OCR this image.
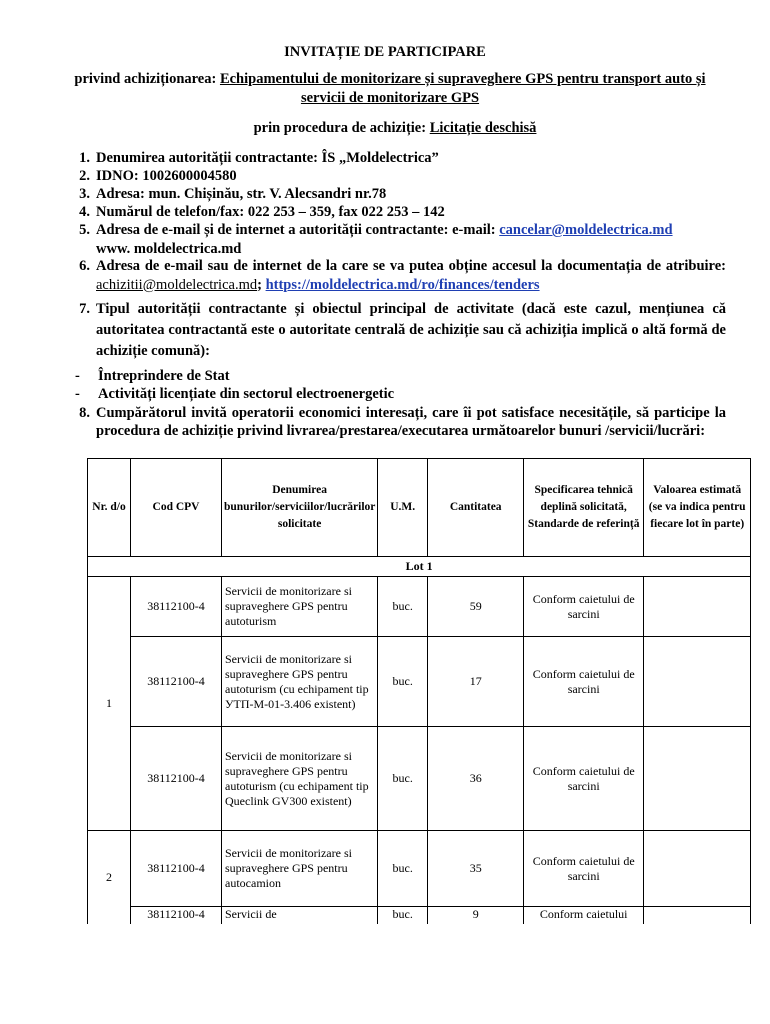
INVITAȚIE DE PARTICIPARE
privind achiziționarea: Echipamentului de monitorizare și supraveghere GPS pentru transport auto și servicii de monitorizare GPS
prin procedura de achiziție: Licitație deschisă
1. Denumirea autorității contractante: ÎS „Moldelectrica”
2. IDNO: 1002600004580
3. Adresa: mun. Chișinău, str. V. Alecsandri nr.78
4. Numărul de telefon/fax: 022 253 – 359, fax 022 253 – 142
5. Adresa de e-mail și de internet a autorității contractante: e-mail: cancelar@moldelectrica.md
www. moldelectrica.md
6. Adresa de e-mail sau de internet de la care se va putea obține accesul la documentația de atribuire: achizitii@moldelectrica.md; https://moldelectrica.md/ro/finances/tenders
7. Tipul autorității contractante și obiectul principal de activitate (dacă este cazul, mențiunea că autoritatea contractantă este o autoritate centrală de achiziție sau că achiziția implică o altă formă de achiziție comună):
- Întreprindere de Stat
- Activități licențiate din sectorul electroenergetic
8. Cumpărătorul invită operatorii economici interesați, care îi pot satisface necesitățile, să participe la procedura de achiziție privind livrarea/prestarea/executarea următoarelor bunuri /servicii/lucrări:
Nr. d/o	Cod CPV	Denumirea bunurilor/serviciilor/lucrărilor solicitate	U.M.	Cantitatea	Specificarea tehnică deplină solicitată, Standarde de referință	Valoarea estimată (se va indica pentru fiecare lot în parte)
Lot 1						
1	38112100-4	Servicii de monitorizare si supraveghere GPS pentru autoturism	buc.	59	Conform caietului de sarcini	
	38112100-4	Servicii de monitorizare si supraveghere GPS pentru autoturism (cu echipament tip УТП-М-01-3.406 existent)	buc.	17	Conform caietului de sarcini	
	38112100-4	Servicii de monitorizare si supraveghere GPS pentru autoturism (cu echipament tip Queclink GV300 existent)	buc.	36	Conform caietului de sarcini	
2	38112100-4	Servicii de monitorizare si supraveghere GPS pentru autocamion	buc.	35	Conform caietului de sarcini	
	38112100-4	Servicii de	buc.	9	Conform caietului	
